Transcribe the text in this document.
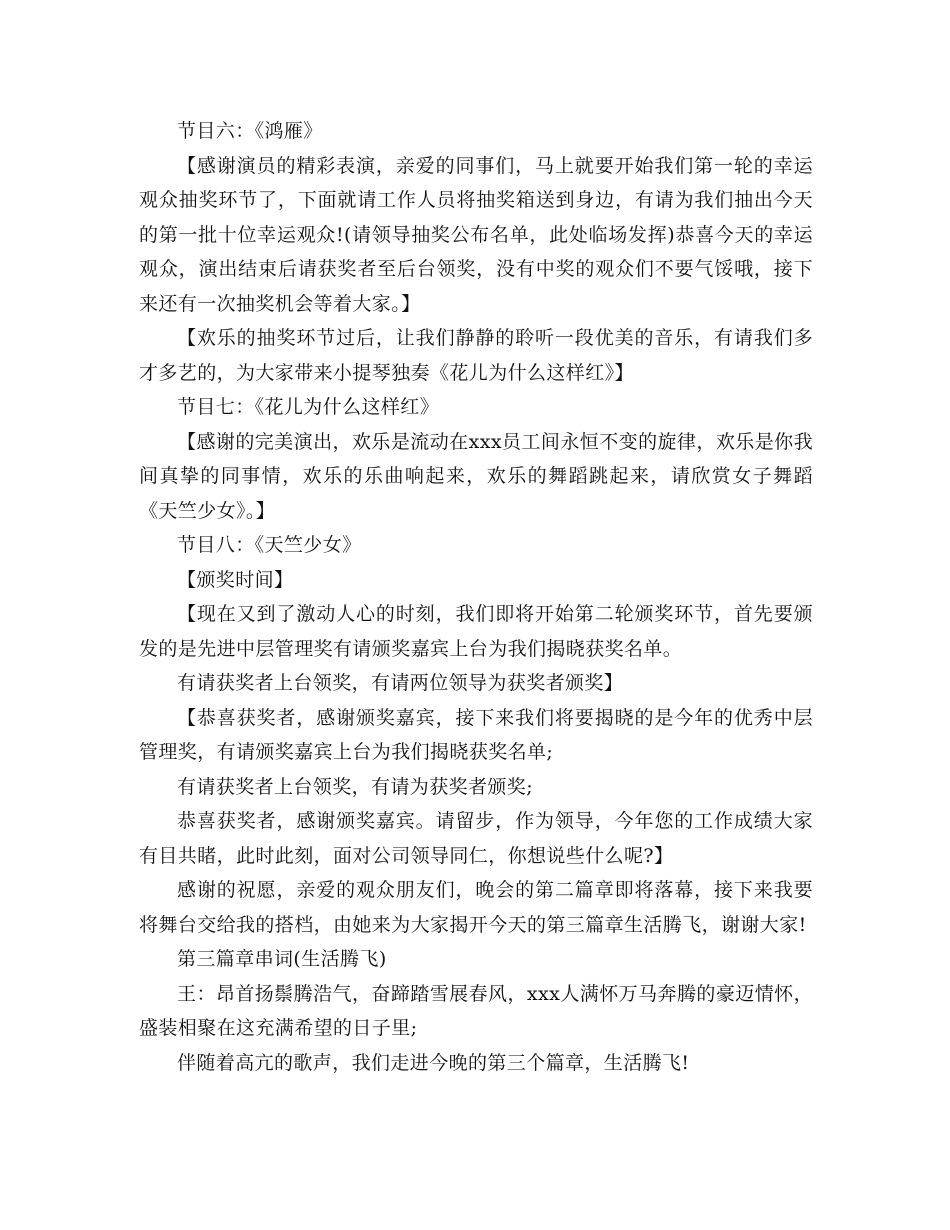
节目六：《鸿雁》

【感谢演员的精彩表演，亲爱的同事们，马上就要开始我们第一轮的幸运观众抽奖环节了，下面就请工作人员将抽奖箱送到身边，有请为我们抽出今天的第一批十位幸运观众!(请领导抽奖公布名单，此处临场发挥)恭喜今天的幸运观众，演出结束后请获奖者至后台领奖，没有中奖的观众们不要气馁哦，接下来还有一次抽奖机会等着大家。】

【欢乐的抽奖环节过后，让我们静静的聆听一段优美的音乐，有请我们多才多艺的，为大家带来小提琴独奏《花儿为什么这样红》】

节目七：《花儿为什么这样红》

【感谢的完美演出，欢乐是流动在xxx员工间永恒不变的旋律，欢乐是你我间真挚的同事情，欢乐的乐曲响起来，欢乐的舞蹈跳起来，请欣赏女子舞蹈《天竺少女》。】

节目八：《天竺少女》

【颁奖时间】

【现在又到了激动人心的时刻，我们即将开始第二轮颁奖环节，首先要颁发的是先进中层管理奖有请颁奖嘉宾上台为我们揭晓获奖名单。

有请获奖者上台领奖，有请两位领导为获奖者颁奖】

【恭喜获奖者，感谢颁奖嘉宾，接下来我们将要揭晓的是今年的优秀中层管理奖，有请颁奖嘉宾上台为我们揭晓获奖名单;

有请获奖者上台领奖，有请为获奖者颁奖;

恭喜获奖者，感谢颁奖嘉宾。请留步，作为领导，今年您的工作成绩大家有目共睹，此时此刻，面对公司领导同仁，你想说些什么呢?】

感谢的祝愿，亲爱的观众朋友们，晚会的第二篇章即将落幕，接下来我要将舞台交给我的搭档，由她来为大家揭开今天的第三篇章生活腾飞，谢谢大家!

第三篇章串词(生活腾飞)

王：昂首扬鬃腾浩气，奋蹄踏雪展春风，xxx人满怀万马奔腾的豪迈情怀，盛装相聚在这充满希望的日子里;

伴随着高亢的歌声，我们走进今晚的第三个篇章，生活腾飞!
